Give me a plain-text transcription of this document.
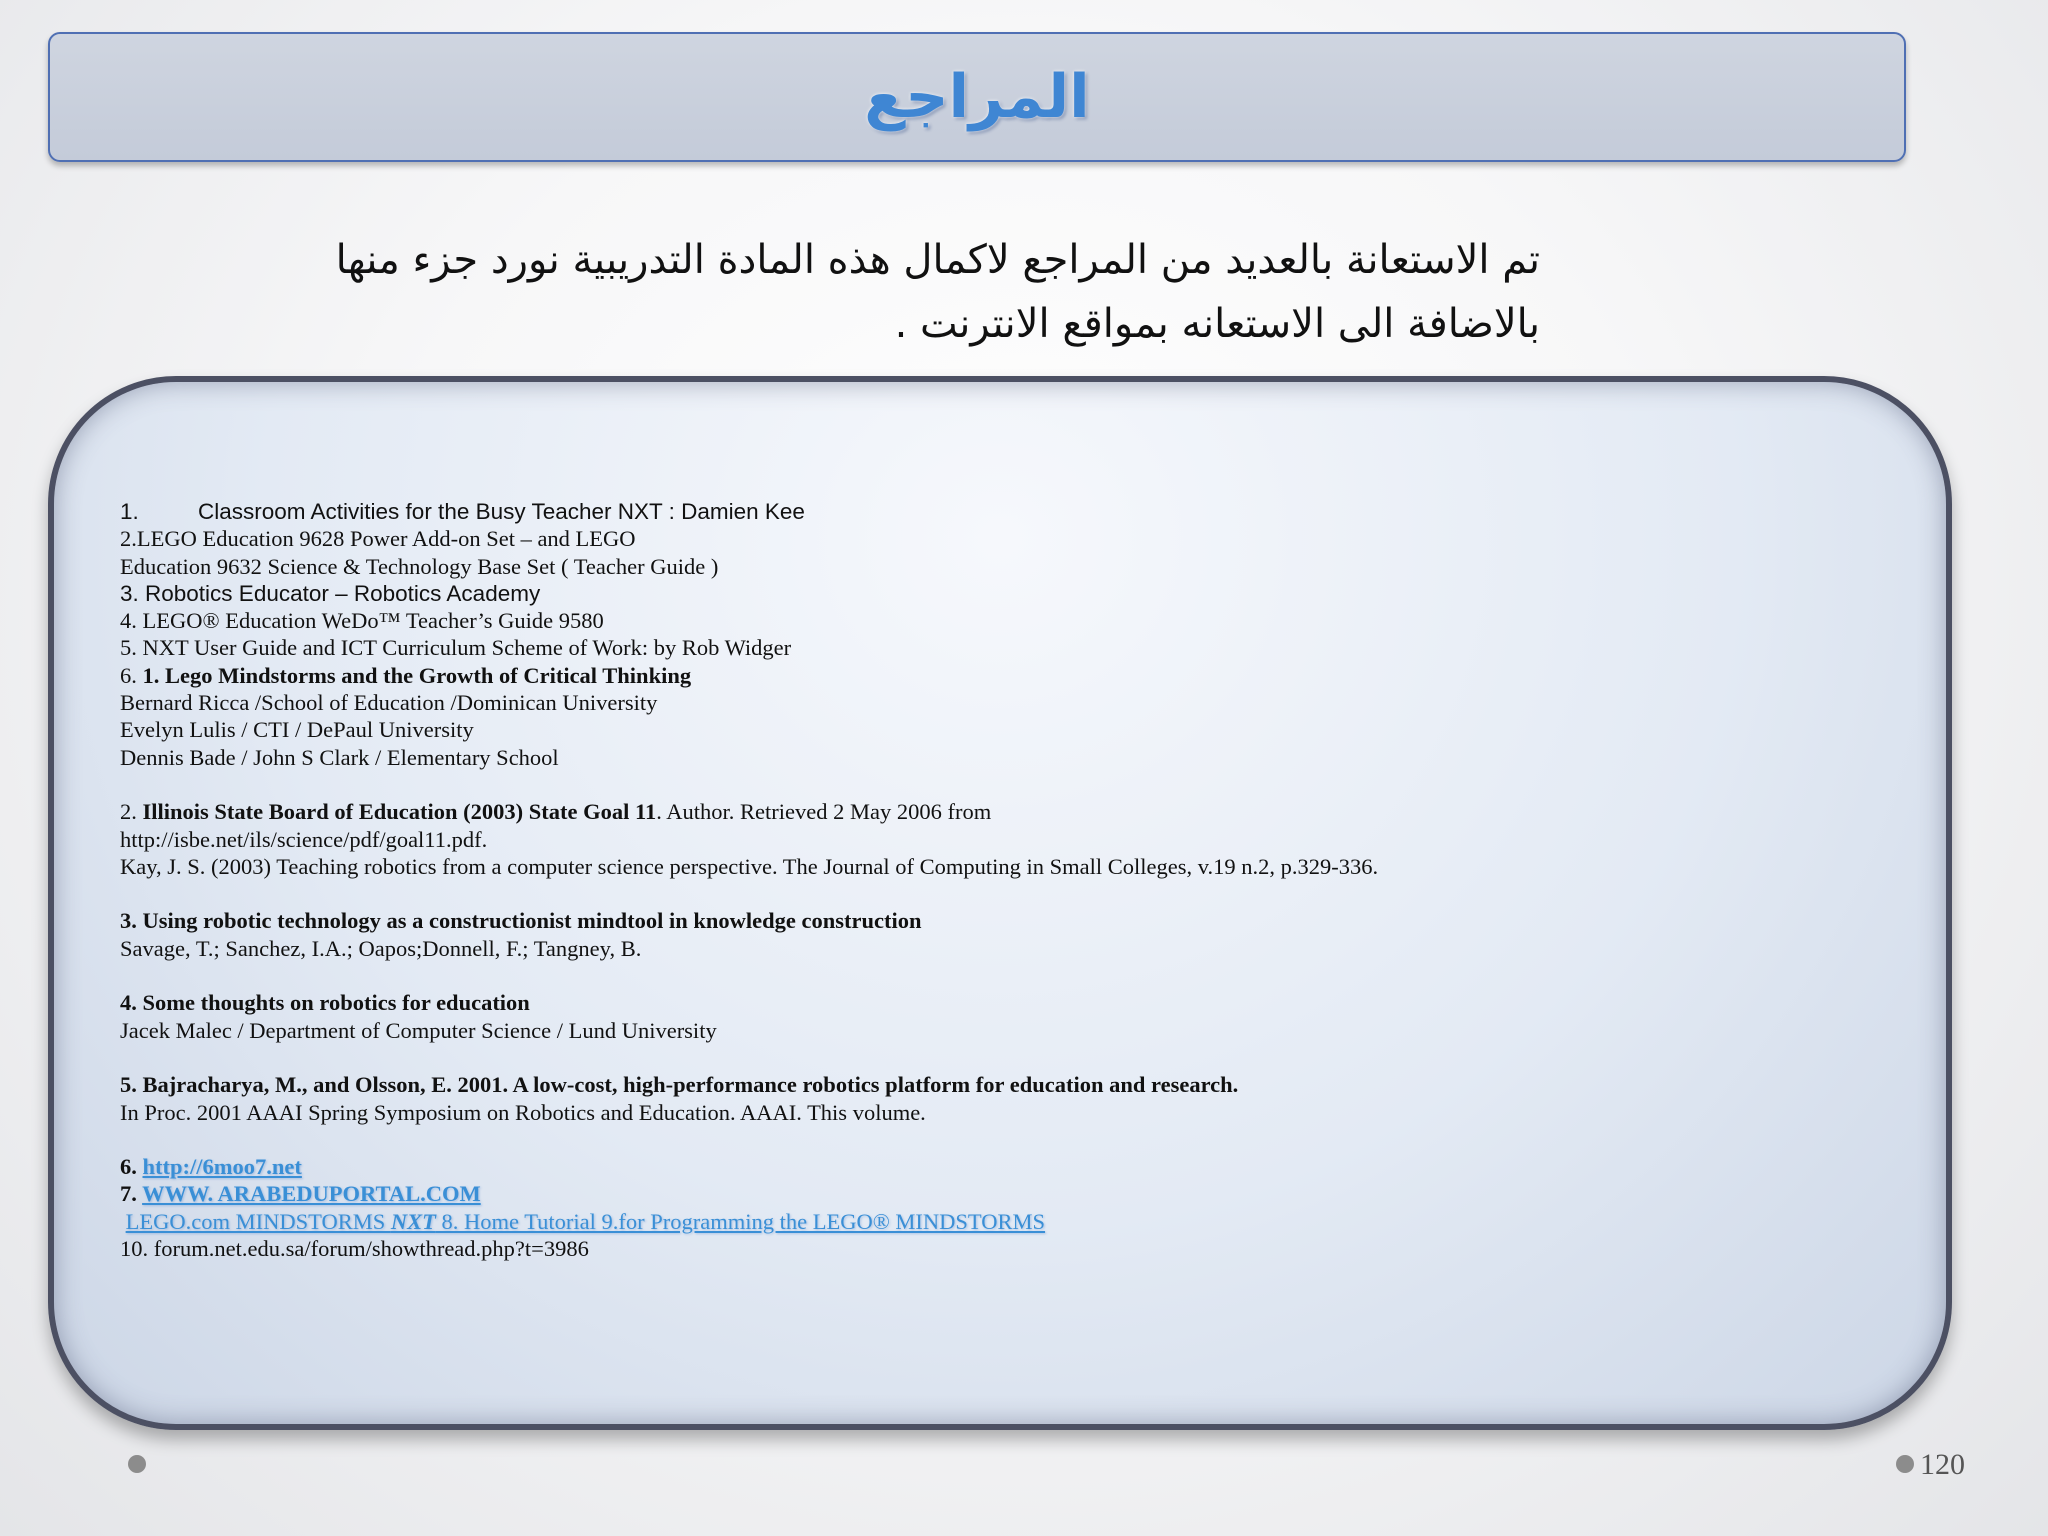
المراجع

تم الاستعانة بالعديد من المراجع لاكمال هذه المادة التدريبية نورد جزء منها

بالاضافة الى الاستعانه بمواقع الانترنت .

1.	Classroom Activities for the Busy Teacher NXT : Damien Kee

2.LEGO Education 9628 Power Add-on Set – and LEGO

Education 9632 Science & Technology Base Set ( Teacher Guide )

3. Robotics Educator – Robotics Academy

4. LEGO® Education WeDo™ Teacher’s Guide 9580

5. NXT User Guide and ICT Curriculum Scheme of Work: by Rob Widger

6. 1. Lego Mindstorms and the Growth of Critical Thinking

Bernard Ricca /School of Education /Dominican University

Evelyn Lulis / CTI / DePaul University

Dennis Bade / John S Clark / Elementary School

2. Illinois State Board of Education (2003) State Goal 11. Author. Retrieved 2 May 2006 from

http://isbe.net/ils/science/pdf/goal11.pdf.

Kay, J. S. (2003) Teaching robotics from a computer science perspective. The Journal of Computing in Small Colleges, v.19 n.2, p.329-336.

3. Using robotic technology as a constructionist mindtool in knowledge construction

Savage, T.; Sanchez, I.A.; Oapos;Donnell, F.; Tangney, B.

4. Some thoughts on robotics for education

Jacek Malec / Department of Computer Science / Lund University

5. Bajracharya, M., and Olsson, E. 2001. A low-cost, high-performance robotics platform for education and research.

In Proc. 2001 AAAI Spring Symposium on Robotics and Education. AAAI. This volume.

6. http://6moo7.net

7. WWW. ARABEDUPORTAL.COM

LEGO.com MINDSTORMS NXT 8. Home Tutorial 9.for Programming the LEGO® MINDSTORMS

10. forum.net.edu.sa/forum/showthread.php?t=3986

120
